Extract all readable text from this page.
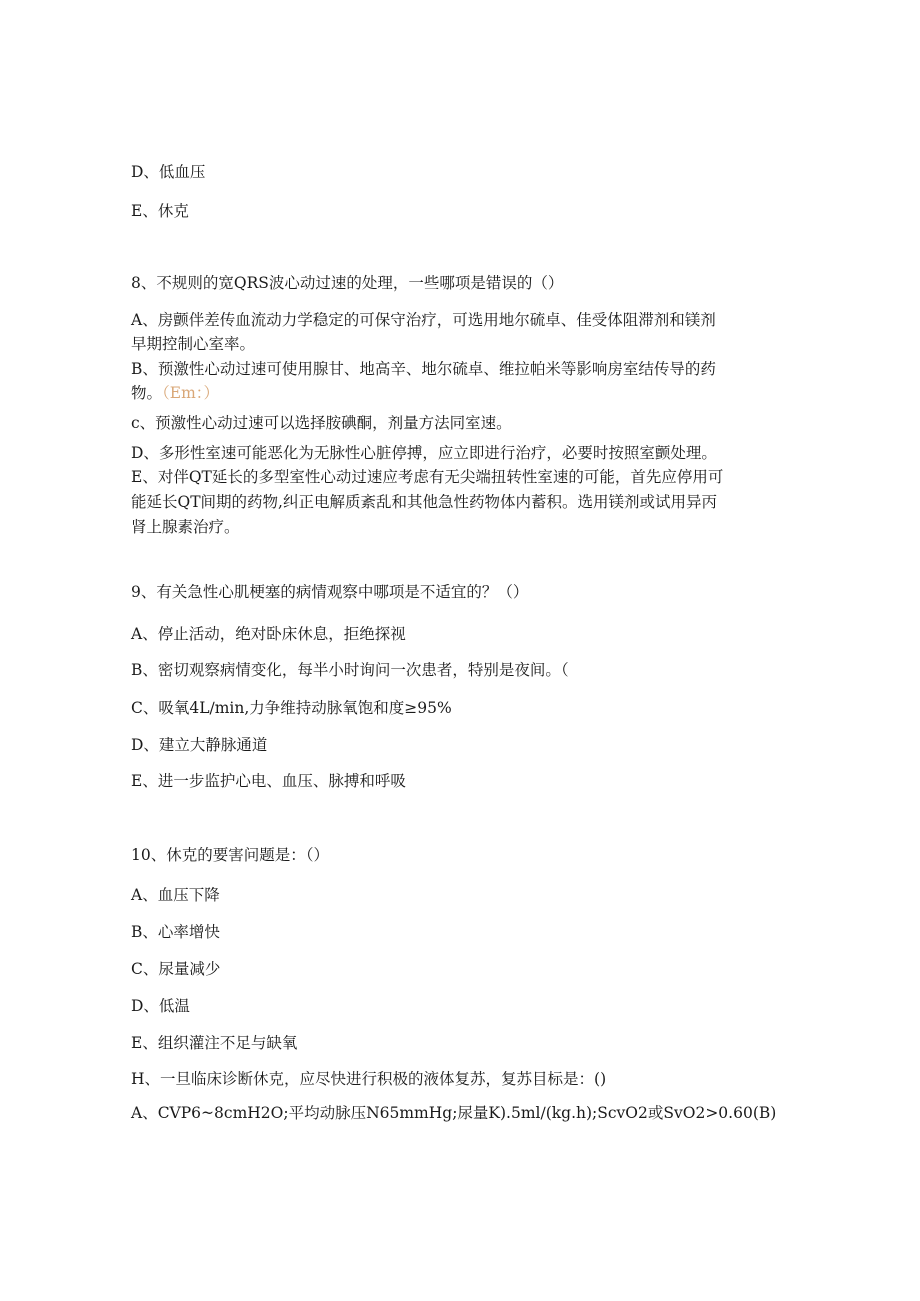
D、低血压
E、休克
8、不规则的宽QRS波心动过速的处理，一些哪项是错误的（）
A、房颤伴差传血流动力学稳定的可保守治疗，可选用地尔硫卓、佳受体阻滞剂和镁剂
早期控制心室率。
B、预激性心动过速可使用腺甘、地高辛、地尔硫卓、维拉帕米等影响房室结传导的药
物。（Em：）
c、预激性心动过速可以选择胺碘酮，剂量方法同室速。
D、多形性室速可能恶化为无脉性心脏停搏，应立即进行治疗，必要时按照室颤处理。
E、对伴QT延长的多型室性心动过速应考虑有无尖端扭转性室速的可能，首先应停用可
能延长QT间期的药物,纠正电解质紊乱和其他急性药物体内蓄积。选用镁剂或试用异丙
肾上腺素治疗。
9、有关急性心肌梗塞的病情观察中哪项是不适宜的？（）
A、停止活动，绝对卧床休息，拒绝探视
B、密切观察病情变化，每半小时询问一次患者，特别是夜间。（
C、吸氧4L∕min,力争维持动脉氧饱和度≥95%
D、建立大静脉通道
E、进一步监护心电、血压、脉搏和呼吸
10、休克的要害问题是：（）
A、血压下降
B、心率增快
C、尿量减少
D、低温
E、组织灌注不足与缺氧
H、一旦临床诊断休克，应尽快进行积极的液体复苏，复苏目标是：()
A、CVP6~8cmH2O;平均动脉压N65mmHg;尿量K).5ml∕(kg.h);ScvO2或SvO2>0.60(B)
